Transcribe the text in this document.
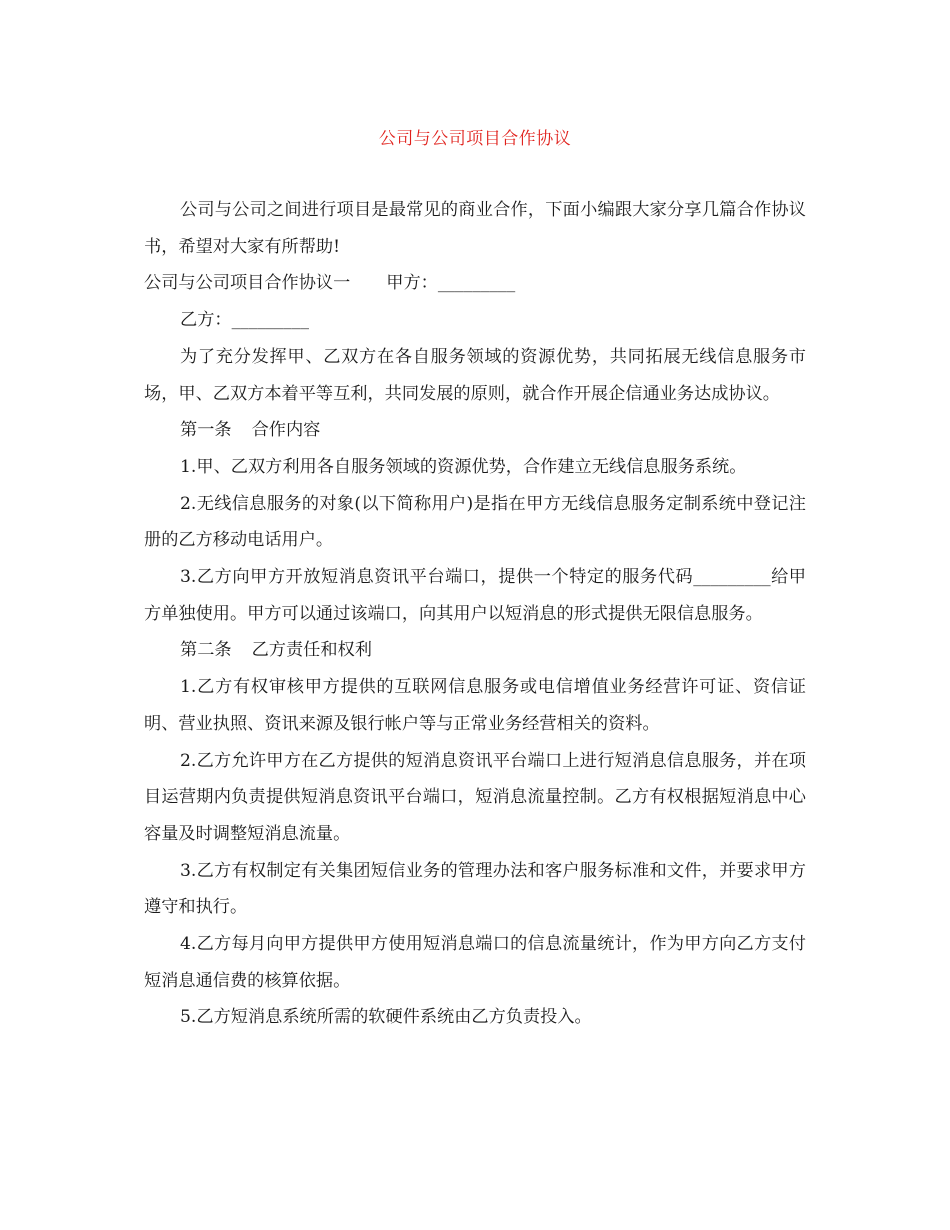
公司与公司项目合作协议

公司与公司之间进行项目是最常见的商业合作，下面小编跟大家分享几篇合作协议书，希望对大家有所帮助!

公司与公司项目合作协议一 甲方：_________

乙方：_________

为了充分发挥甲、乙双方在各自服务领域的资源优势，共同拓展无线信息服务市场，甲、乙双方本着平等互利，共同发展的原则，就合作开展企信通业务达成协议。

第一条 合作内容

1.甲、乙双方利用各自服务领域的资源优势，合作建立无线信息服务系统。

2.无线信息服务的对象(以下简称用户)是指在甲方无线信息服务定制系统中登记注册的乙方移动电话用户。

3.乙方向甲方开放短消息资讯平台端口，提供一个特定的服务代码_________给甲方单独使用。甲方可以通过该端口，向其用户以短消息的形式提供无限信息服务。

第二条 乙方责任和权利

1.乙方有权审核甲方提供的互联网信息服务或电信增值业务经营许可证、资信证明、营业执照、资讯来源及银行帐户等与正常业务经营相关的资料。

2.乙方允许甲方在乙方提供的短消息资讯平台端口上进行短消息信息服务，并在项目运营期内负责提供短消息资讯平台端口，短消息流量控制。乙方有权根据短消息中心容量及时调整短消息流量。

3.乙方有权制定有关集团短信业务的管理办法和客户服务标准和文件，并要求甲方遵守和执行。

4.乙方每月向甲方提供甲方使用短消息端口的信息流量统计，作为甲方向乙方支付短消息通信费的核算依据。

5.乙方短消息系统所需的软硬件系统由乙方负责投入。
